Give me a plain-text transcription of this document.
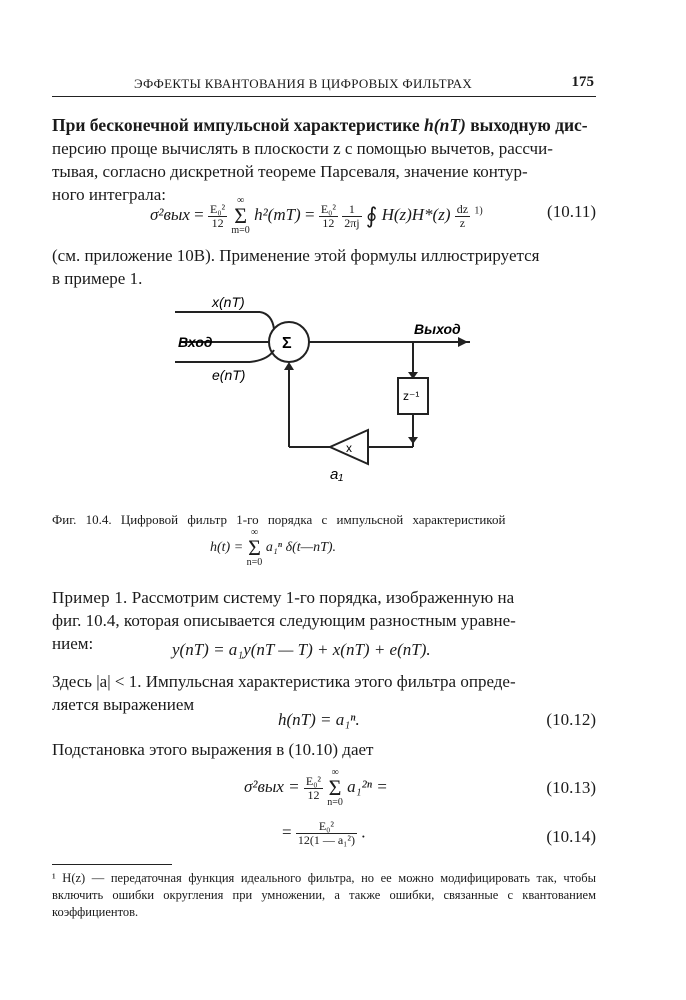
ЭФФЕКТЫ КВАНТОВАНИЯ В ЦИФРОВЫХ ФИЛЬТРАХ	175
При бесконечной импульсной характеристике h(nT) выходную дис-
персию проще вычислять в плоскости z с помощью вычетов, рассчи-
тывая, согласно дискретной теореме Парсеваля, значение контур-
ного интеграла:
$\sigma^2вых = \frac{\text{E₀²}}{12}$
∞
Σ
m=0 $h^2(mT) = \frac{\text{E₀²}}{12}$
$\frac{1}{2\pi j}$ ∮ $H(z)H*(z) \frac{dz}{z} ^{1)}$	(10.11)
(см. приложение 10В). Применение этой формулы иллюстрируется
в примере 1.
x(nT)
Вход
e(nT)
Выход
Σ
z⁻¹
x
a₁
Фиг. 10.4. Цифровой фильтр 1-го порядка с импульсной характеристикой
h(t) = ∞
Σ
n=0 a₁ⁿ δ(t—nT).
Пример 1. Рассмотрим систему 1-го порядка, изображенную на
фиг. 10.4, которая описывается следующим разностным уравне-
нием:	y(nT) = a₁y(nT — T) + x(nT) + e(nT).
Здесь |a| < 1. Импульсная характеристика этого фильтра опреде-
ляется выражением
h(nT) = a₁ⁿ.	(10.12)
Подстановка этого выражения в (10.10) дает
$\sigma^2вых = \frac{\text{E₀²}}{12}$
∞
Σ
n=0 a₁²ⁿ =	(10.13)
= $\frac{\text{E₀²}}{\text{12(1 — a₁²)}}$ .	(10.14)
¹ H(z) — передаточная функция идеального фильтра, но ее можно модифицировать так, чтобы включить ошибки округления при умножении, а также ошибки, связанные с квантованием коэффициентов.
